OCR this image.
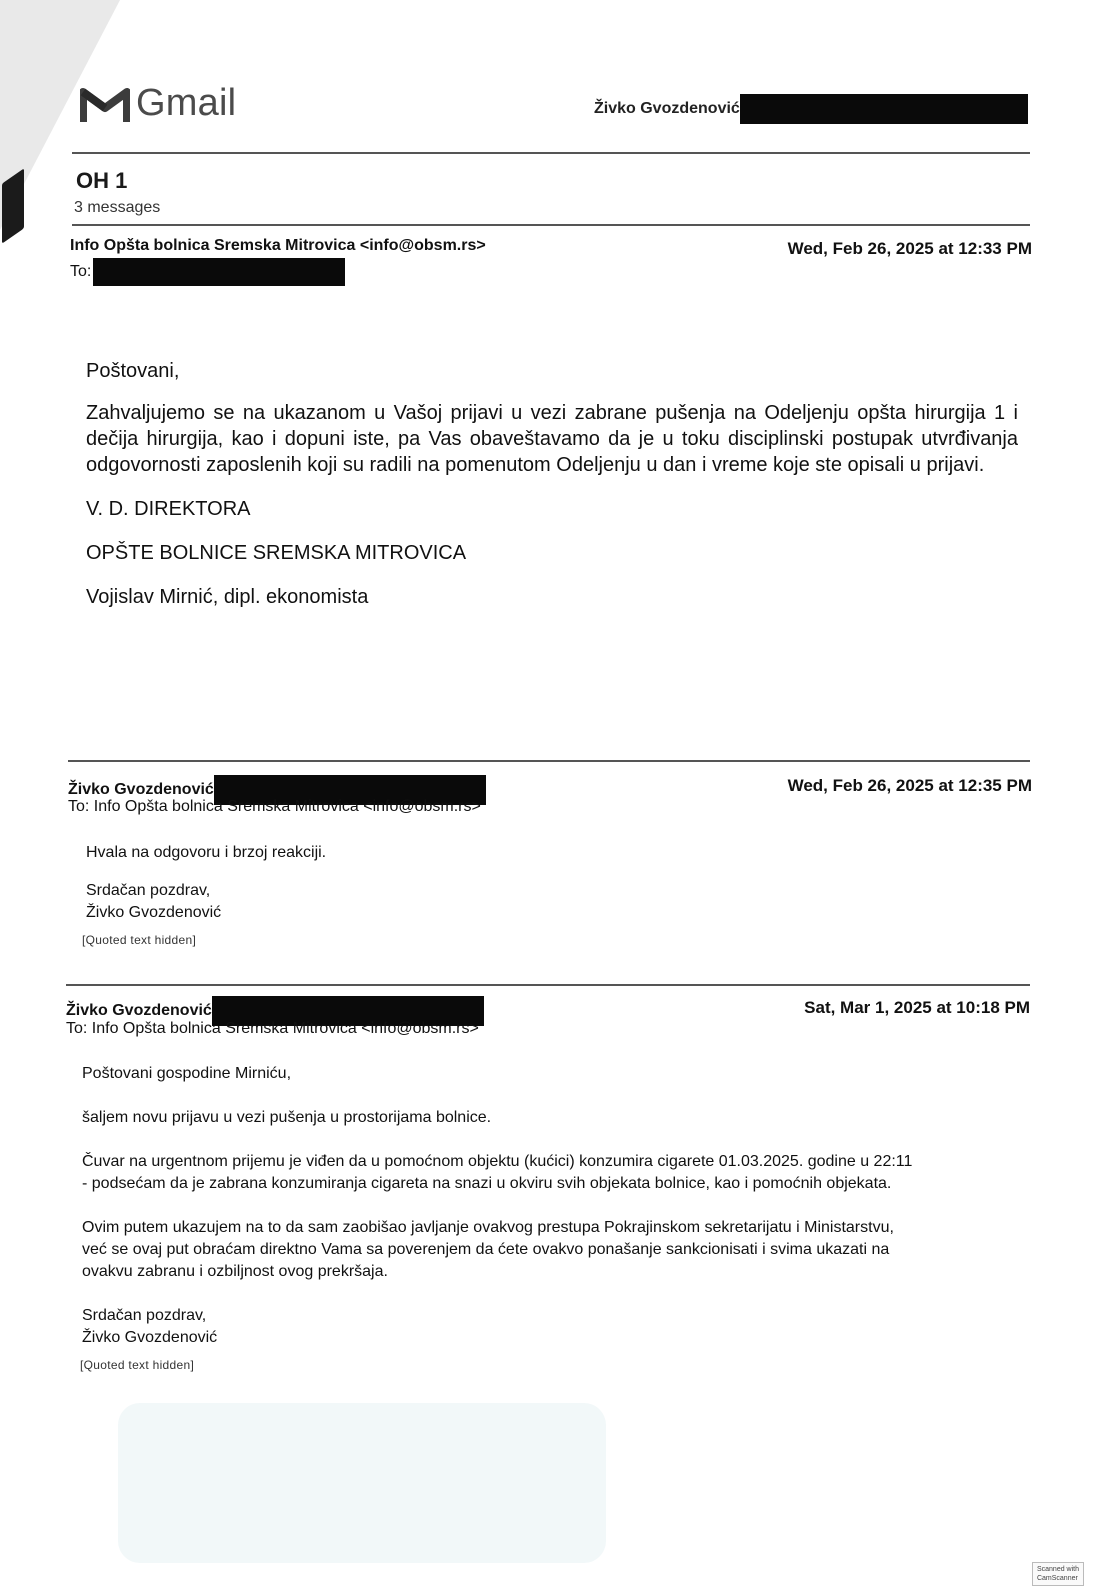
Gmail	Živko Gvozdenović
OH 1
3 messages
Info Opšta bolnica Sremska Mitrovica <info@obsm.rs>	Wed, Feb 26, 2025 at 12:33 PM
To:

Poštovani,

Zahvaljujemo se na ukazanom u Vašoj prijavi u vezi zabrane pušenja na Odeljenju opšta hirurgija 1 i dečija hirurgija, kao i dopuni iste, pa Vas obaveštavamo da je u toku disciplinski postupak utvrđivanja odgovornosti zaposlenih koji su radili na pomenutom Odeljenju u dan i vreme koje ste opisali u prijavi.

V. D. DIREKTORA

OPŠTE BOLNICE SREMSKA MITROVICA

Vojislav Mirnić, dipl. ekonomista

Živko Gvozdenović	Wed, Feb 26, 2025 at 12:35 PM
To: Info Opšta bolnica Sremska Mitrovica <info@obsm.rs>

Hvala na odgovoru i brzoj reakciji.

Srdačan pozdrav,

Živko Gvozdenović

[Quoted text hidden]
Živko Gvozdenović	Sat, Mar 1, 2025 at 10:18 PM
To: Info Opšta bolnica Sremska Mitrovica <info@obsm.rs>

Poštovani gospodine Mirniću,

šaljem novu prijavu u vezi pušenja u prostorijama bolnice.

Čuvar na urgentnom prijemu je viđen da u pomoćnom objektu (kućici) konzumira cigarete 01.03.2025. godine u 22:11

- podsećam da je zabrana konzumiranja cigareta na snazi u okviru svih objekata bolnice, kao i pomoćnih objekata.

Ovim putem ukazujem na to da sam zaobišao javljanje ovakvog prestupa Pokrajinskom sekretarijatu i Ministarstvu,

već se ovaj put obraćam direktno Vama sa poverenjem da ćete ovakvo ponašanje sankcionisati i svima ukazati na

ovakvu zabranu i ozbiljnost ovog prekršaja.

Srdačan pozdrav,

Živko Gvozdenović

[Quoted text hidden]
Scanned with
CamScanner
